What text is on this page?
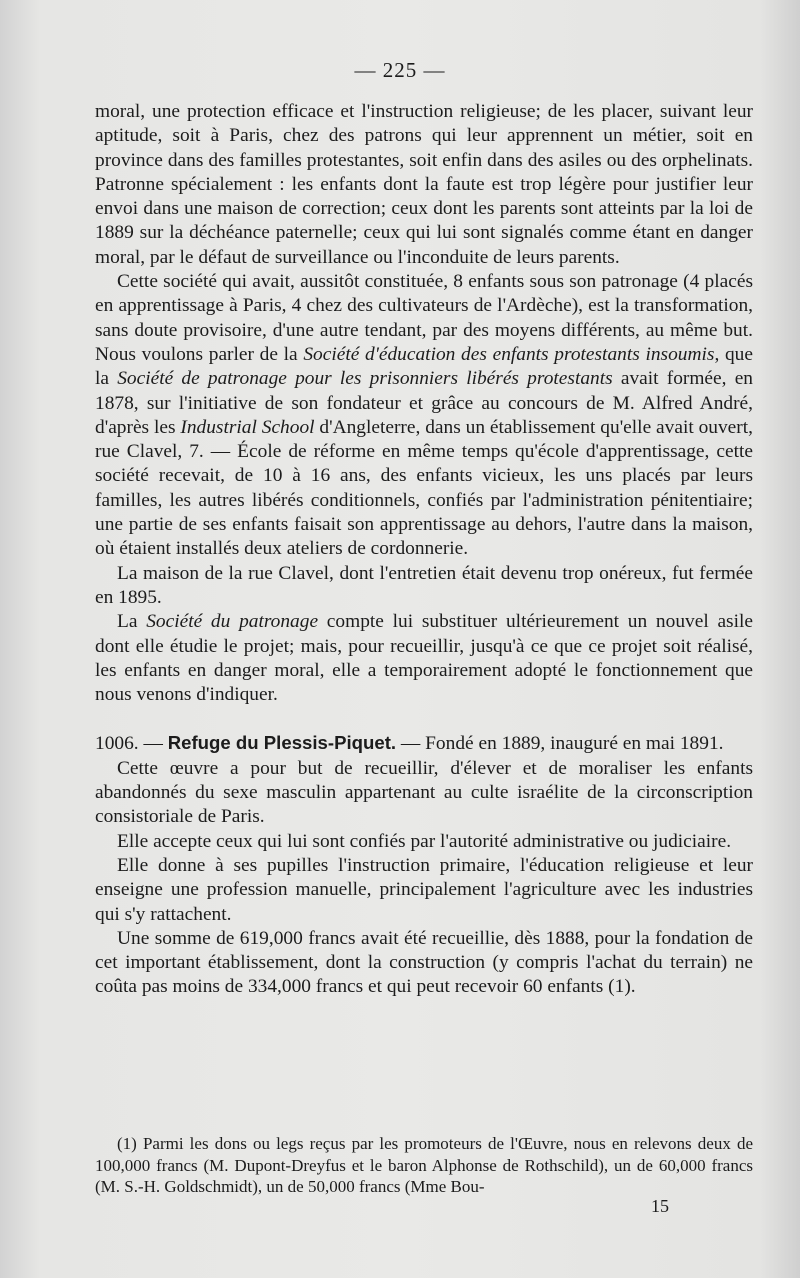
— 225 —

moral, une protection efficace et l'instruction religieuse; de les placer, suivant leur aptitude, soit à Paris, chez des patrons qui leur apprennent un métier, soit en province dans des familles protestantes, soit enfin dans des asiles ou des orphelinats. Patronne spécialement : les enfants dont la faute est trop légère pour justifier leur envoi dans une maison de correction; ceux dont les parents sont atteints par la loi de 1889 sur la déchéance paternelle; ceux qui lui sont signalés comme étant en danger moral, par le défaut de surveillance ou l'inconduite de leurs parents.

Cette société qui avait, aussitôt constituée, 8 enfants sous son patronage (4 placés en apprentissage à Paris, 4 chez des cultivateurs de l'Ardèche), est la transformation, sans doute provisoire, d'une autre tendant, par des moyens différents, au même but. Nous voulons parler de la Société d'éducation des enfants protestants insoumis, que la Société de patronage pour les prisonniers libérés protestants avait formée, en 1878, sur l'initiative de son fondateur et grâce au concours de M. Alfred André, d'après les Industrial School d'Angleterre, dans un établissement qu'elle avait ouvert, rue Clavel, 7. — École de réforme en même temps qu'école d'apprentissage, cette société recevait, de 10 à 16 ans, des enfants vicieux, les uns placés par leurs familles, les autres libérés conditionnels, confiés par l'administration pénitentiaire; une partie de ses enfants faisait son apprentissage au dehors, l'autre dans la maison, où étaient installés deux ateliers de cordonnerie.

La maison de la rue Clavel, dont l'entretien était devenu trop onéreux, fut fermée en 1895.

La Société du patronage compte lui substituer ultérieurement un nouvel asile dont elle étudie le projet; mais, pour recueillir, jusqu'à ce que ce projet soit réalisé, les enfants en danger moral, elle a temporairement adopté le fonctionnement que nous venons d'indiquer.

1006. — Refuge du Plessis-Piquet. — Fondé en 1889, inauguré en mai 1891.

Cette œuvre a pour but de recueillir, d'élever et de moraliser les enfants abandonnés du sexe masculin appartenant au culte israélite de la circonscription consistoriale de Paris.

Elle accepte ceux qui lui sont confiés par l'autorité administrative ou judiciaire.

Elle donne à ses pupilles l'instruction primaire, l'éducation religieuse et leur enseigne une profession manuelle, principalement l'agriculture avec les industries qui s'y rattachent.

Une somme de 619,000 francs avait été recueillie, dès 1888, pour la fondation de cet important établissement, dont la construction (y compris l'achat du terrain) ne coûta pas moins de 334,000 francs et qui peut recevoir 60 enfants (1).

(1) Parmi les dons ou legs reçus par les promoteurs de l'Œuvre, nous en relevons deux de 100,000 francs (M. Dupont-Dreyfus et le baron Alphonse de Rothschild), un de 60,000 francs (M. S.-H. Goldschmidt), un de 50,000 francs (Mme Bou-
15
